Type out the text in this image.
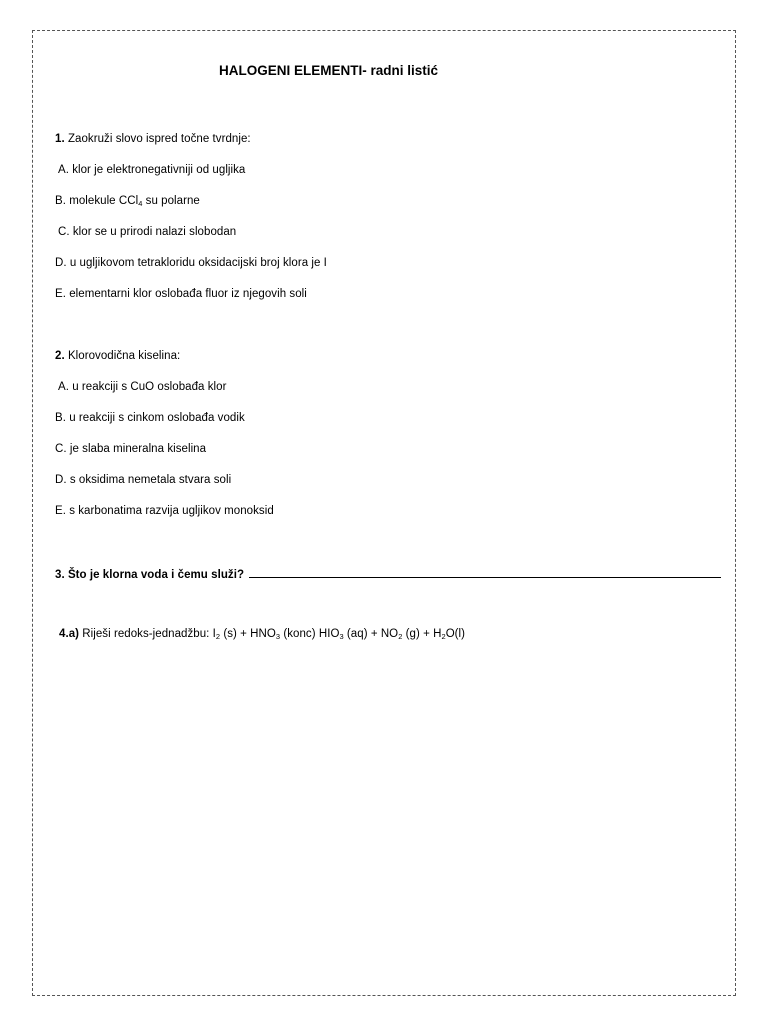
HALOGENI ELEMENTI- radni listić
1. Zaokruži slovo ispred točne tvrdnje:
A. klor je elektronegativniji od ugljika
B. molekule CCl$_4$ su polarne
C. klor se u prirodi nalazi slobodan
D. u ugljikovom tetrakloridu oksidacijski broj klora je I
E. elementarni klor oslobađa fluor iz njegovih soli
2. Klorovodična kiselina:
A. u reakciji s CuO oslobađa klor
B. u reakciji s cinkom oslobađa vodik
C. je slaba mineralna kiselina
D. s oksidima nemetala stvara soli
E. s karbonatima razvija ugljikov monoksid
3. Što je klorna voda i čemu služi?
4.a) Riješi redoks-jednadžbu: $I_2$ $(s) + HNO_3$ (konc) $HIO_3$ $(aq) + NO_2$ $(g) + H_2O(l)$
